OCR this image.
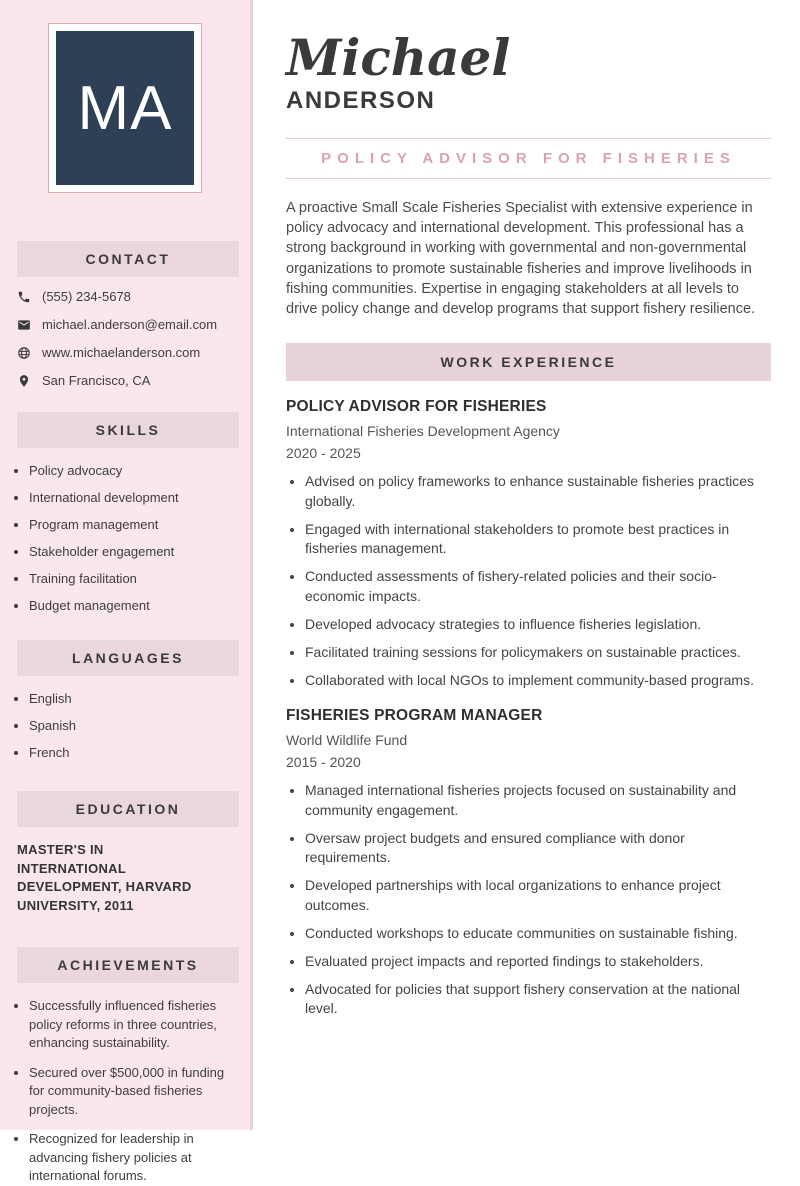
MA
CONTACT
(555) 234-5678
michael.anderson@email.com
www.michaelanderson.com
San Francisco, CA
SKILLS
• Policy advocacy
• International development
• Program management
• Stakeholder engagement
• Training facilitation
• Budget management
LANGUAGES
• English
• Spanish
• French
EDUCATION
MASTER'S IN INTERNATIONAL DEVELOPMENT, HARVARD UNIVERSITY, 2011
ACHIEVEMENTS
• Successfully influenced fisheries policy reforms in three countries, enhancing sustainability.
• Secured over $500,000 in funding for community-based fisheries projects.
• Recognized for leadership in advancing fishery policies at international forums.
Michael
ANDERSON
POLICY ADVISOR FOR FISHERIES
A proactive Small Scale Fisheries Specialist with extensive experience in policy advocacy and international development. This professional has a strong background in working with governmental and non-governmental organizations to promote sustainable fisheries and improve livelihoods in fishing communities. Expertise in engaging stakeholders at all levels to drive policy change and develop programs that support fishery resilience.
WORK EXPERIENCE
POLICY ADVISOR FOR FISHERIES
International Fisheries Development Agency
2020 - 2025
• Advised on policy frameworks to enhance sustainable fisheries practices globally.
• Engaged with international stakeholders to promote best practices in fisheries management.
• Conducted assessments of fishery-related policies and their socio-economic impacts.
• Developed advocacy strategies to influence fisheries legislation.
• Facilitated training sessions for policymakers on sustainable practices.
• Collaborated with local NGOs to implement community-based programs.
FISHERIES PROGRAM MANAGER
World Wildlife Fund
2015 - 2020
• Managed international fisheries projects focused on sustainability and community engagement.
• Oversaw project budgets and ensured compliance with donor requirements.
• Developed partnerships with local organizations to enhance project outcomes.
• Conducted workshops to educate communities on sustainable fishing.
• Evaluated project impacts and reported findings to stakeholders.
• Advocated for policies that support fishery conservation at the national level.
